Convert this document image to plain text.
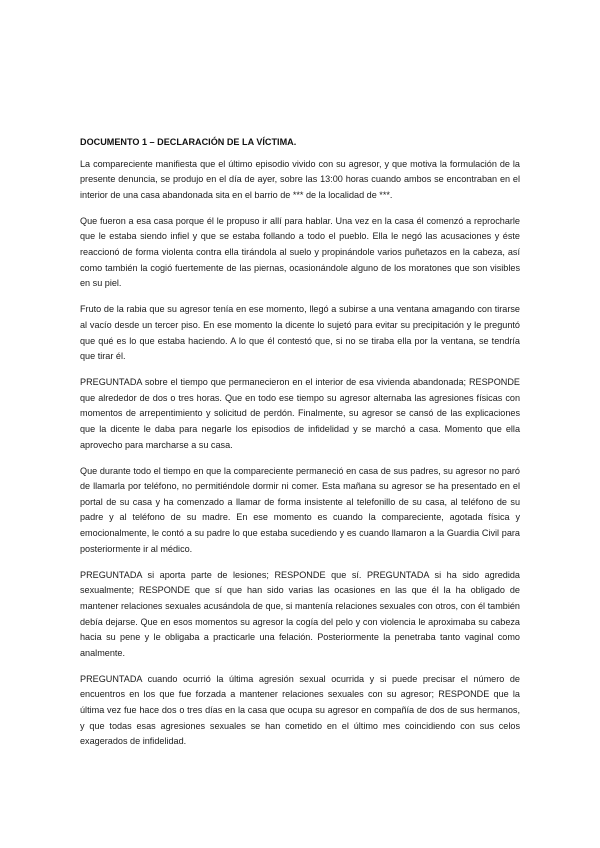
DOCUMENTO 1 – DECLARACIÓN DE LA VÍCTIMA.

La compareciente manifiesta que el último episodio vivido con su agresor, y que motiva la formulación de la presente denuncia, se produjo en el día de ayer, sobre las 13:00 horas cuando ambos se encontraban en el interior de una casa abandonada sita en el barrio de *** de la localidad de ***.

Que fueron a esa casa porque él le propuso ir allí para hablar. Una vez en la casa él comenzó a reprocharle que le estaba siendo infiel y que se estaba follando a todo el pueblo. Ella le negó las acusaciones y éste reaccionó de forma violenta contra ella tirándola al suelo y propinándole varios puñetazos en la cabeza, así como también la cogió fuertemente de las piernas, ocasionándole alguno de los moratones que son visibles en su piel.

Fruto de la rabia que su agresor tenía en ese momento, llegó a subirse a una ventana amagando con tirarse al vacío desde un tercer piso. En ese momento la dicente lo sujetó para evitar su precipitación y le preguntó que qué es lo que estaba haciendo. A lo que él contestó que, si no se tiraba ella por la ventana, se tendría que tirar él.

PREGUNTADA sobre el tiempo que permanecieron en el interior de esa vivienda abandonada; RESPONDE que alrededor de dos o tres horas. Que en todo ese tiempo su agresor alternaba las agresiones físicas con momentos de arrepentimiento y solicitud de perdón. Finalmente, su agresor se cansó de las explicaciones que la dicente le daba para negarle los episodios de infidelidad y se marchó a casa. Momento que ella aprovecho para marcharse a su casa.

Que durante todo el tiempo en que la compareciente permaneció en casa de sus padres, su agresor no paró de llamarla por teléfono, no permitiéndole dormir ni comer. Esta mañana su agresor se ha presentado en el portal de su casa y ha comenzado a llamar de forma insistente al telefonillo de su casa, al teléfono de su padre y al teléfono de su madre. En ese momento es cuando la compareciente, agotada física y emocionalmente, le contó a su padre lo que estaba sucediendo y es cuando llamaron a la Guardia Civil para posteriormente ir al médico.

PREGUNTADA si aporta parte de lesiones; RESPONDE que sí. PREGUNTADA si ha sido agredida sexualmente; RESPONDE que sí que han sido varias las ocasiones en las que él la ha obligado de mantener relaciones sexuales acusándola de que, si mantenía relaciones sexuales con otros, con él también debía dejarse. Que en esos momentos su agresor la cogía del pelo y con violencia le aproximaba su cabeza hacia su pene y le obligaba a practicarle una felación. Posteriormente la penetraba tanto vaginal como analmente.

PREGUNTADA cuando ocurrió la última agresión sexual ocurrida y si puede precisar el número de encuentros en los que fue forzada a mantener relaciones sexuales con su agresor; RESPONDE que la última vez fue hace dos o tres días en la casa que ocupa su agresor en compañía de dos de sus hermanos, y que todas esas agresiones sexuales se han cometido en el último mes coincidiendo con sus celos exagerados de infidelidad.
